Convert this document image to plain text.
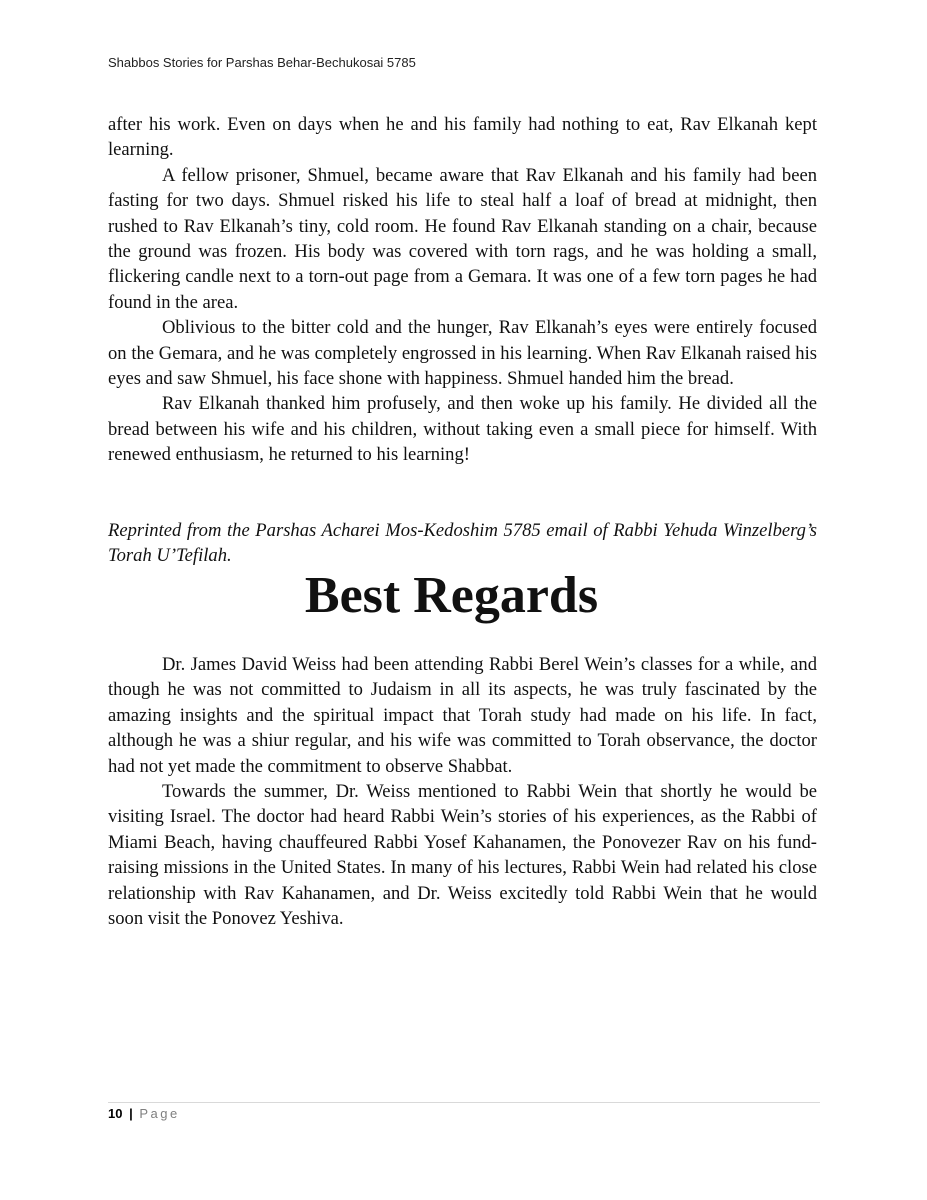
Shabbos Stories for Parshas Behar-Bechukosai 5785

after his work. Even on days when he and his family had nothing to eat, Rav Elkanah kept learning.

A fellow prisoner, Shmuel, became aware that Rav Elkanah and his family had been fasting for two days. Shmuel risked his life to steal half a loaf of bread at midnight, then rushed to Rav Elkanah’s tiny, cold room. He found Rav Elkanah standing on a chair, because the ground was frozen. His body was covered with torn rags, and he was holding a small, flickering candle next to a torn-out page from a Gemara. It was one of a few torn pages he had found in the area.

Oblivious to the bitter cold and the hunger, Rav Elkanah’s eyes were entirely focused on the Gemara, and he was completely engrossed in his learning. When Rav Elkanah raised his eyes and saw Shmuel, his face shone with happiness. Shmuel handed him the bread.

Rav Elkanah thanked him profusely, and then woke up his family. He divided all the bread between his wife and his children, without taking even a small piece for himself. With renewed enthusiasm, he returned to his learning!

Reprinted from the Parshas Acharei Mos-Kedoshim 5785 email of Rabbi Yehuda Winzelberg’s Torah U’Tefilah.

Best Regards

Dr. James David Weiss had been attending Rabbi Berel Wein’s classes for a while, and though he was not committed to Judaism in all its aspects, he was truly fascinated by the amazing insights and the spiritual impact that Torah study had made on his life. In fact, although he was a shiur regular, and his wife was committed to Torah observance, the doctor had not yet made the commitment to observe Shabbat.

Towards the summer, Dr. Weiss mentioned to Rabbi Wein that shortly he would be visiting Israel. The doctor had heard Rabbi Wein’s stories of his experiences, as the Rabbi of Miami Beach, having chauffeured Rabbi Yosef Kahanamen, the Ponovezer Rav on his fund-raising missions in the United States. In many of his lectures, Rabbi Wein had related his close relationship with Rav Kahanamen, and Dr. Weiss excitedly told Rabbi Wein that he would soon visit the Ponovez Yeshiva.

10 | Page
